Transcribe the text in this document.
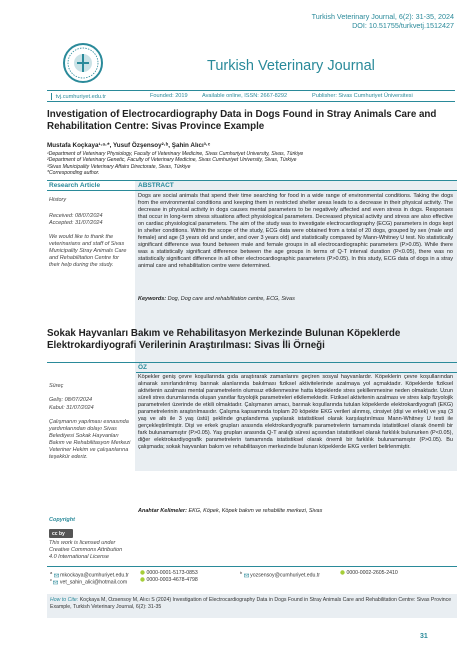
Turkish Veterinary Journal, 6(2): 31-35, 2024
DOI: 10.51755/turkvetj.1512427
Turkish Veterinary Journal
tvj.cumhuriyet.edu.tr	Founded: 2019	Available online, ISSN: 2667-8292	Publisher: Sivas Cumhuriyet Üniversitesi
Investigation of Electrocardiography Data in Dogs Found in Stray Animals Care and Rehabilitation Centre: Sivas Province Example
Mustafa Koçkaya¹·ᵃ·*, Yusuf Özşensoy²·ᵇ, Şahin Alıcı³·ᶜ
¹Department of Veterinary Physiology, Faculty of Veterinary Medicine, Sivas Cumhuriyet University, Sivas, Türkiye
²Department of Veterinary Genetic, Faculty of Veterinary Medicine, Sivas Cumhuriyet University, Sivas, Türkiye
³Sivas Municipality Veterinary Affairs Directorate, Sivas, Türkiye
*Corresponding author.
Research Article	ABSTRACT
History
Received: 08/07/2024
Accepted: 31/07/2024
We would like to thank the veterinarians and staff of Sivas Municipality Stray Animals Care and Rehabilitation Centre for their help during the study.
Dogs are social animals that spend their time searching for food in a wide range of environmental conditions. Taking the dogs from the environmental conditions and keeping them in restricted shelter areas leads to a decrease in their physical activity. The decrease in physical activity in dogs causes mental parameters to be negatively affected and even stress in dogs. Responses that occur in long-term stress situations affect physiological parameters. Decreased physical activity and stress are also effective on cardiac physiological parameters. The aim of the study was to investigate electrocardiography (ECG) parameters in dogs kept in shelter conditions. Within the scope of the study, ECG data were obtained from a total of 20 dogs, grouped by sex (male and female) and age (3 years old and under, and over 3 years old) and statistically compared by Mann-Whitney U test. No statistically significant difference was found between male and female groups in all electrocardiographic parameters (P>0.05). While there was a statistically significant difference between the age groups in terms of Q-T interval duration (P<0.05), there was no statistically significant difference in all other electrocardiographic parameters (P>0.05). In this study, ECG data of dogs in a stray animal care and rehabilitation centre were determined.
Keywords: Dog, Dog care and rehabilitation centre, ECG, Sivas
Sokak Hayvanları Bakım ve Rehabilitasyon Merkezinde Bulunan Köpeklerde Elektrokardiyografi Verilerinin Araştırılması: Sivas İli Örneği
ÖZ
Süreç
Geliş: 08/07/2024
Kabul: 31/07/2024
Çalışmanın yapılması esnasında yardımlarından dolayı Sivas Belediyesi Sokak Hayvanları Bakım ve Rehabilitasyon Merkezi Veteriner Hekim ve çalışanlarına teşekkür ederiz.
Köpekler geniş çevre koşullarında gıda araştırarak zamanlarını geçiren sosyal hayvanlardır. Köpeklerin çevre koşullarından alınarak sınırlandırılmış barınak alanlarında bakılması fiziksel aktivitelerinde azalmaya yol açmaktadır. Köpeklerde fiziksel aktivitenin azalması mental parametrelerin olumsuz etkilenmesine hatta köpeklerde stres şekillenmesine neden olmaktadır. Uzun süreli stres durumlarında oluşan yanıtlar fizyolojik parametreleri etkilemektedir. Fiziksel aktivitenin azalması ve stres kalp fizyolojik parametreleri üzerinde de etkili olmaktadır. Çalışmanın amacı, barınak koşullarında tutulan köpeklerde elektrokardiyografi (EKG) parametrelerinin araştırılmasıdır. Çalışma kapsamında toplam 20 köpekte EKG verileri alınmış, cinsiyet (dişi ve erkek) ve yaş (3 yaş ve altı ile 3 yaş üstü) şeklinde gruplandırma yapılarak istatistiksel olarak karşılaştırılması Mann-Whitney U testi ile gerçekleştirilmiştir. Dişi ve erkek grupları arasında elektrokardiyografik parametrelerin tamamında istatistiksel olarak önemli bir fark bulunamamıştır (P>0.05). Yaş grupları arasında Q-T aralığı süresi açısından istatistiksel olarak farklılık bulunurken (P<0.05), diğer elektrokardiyografik parametrelerin tamamında istatistiksel olarak önemli bir farklılık bulunamamıştır (P>0.05). Bu çalışmada; sokak hayvanları bakım ve rehabilitasyon merkezinde bulunan köpeklerde EKG verileri belirlenmiştir.
Anahtar Kelimeler: EKG, Köpek, Köpek bakım ve rehabilite merkezi, Sivas
Copyright
cc by
This work is licensed under Creative Commons Attribution 4.0 International License
$^a$  mkockaya@cumhuriyet.edu.tr
$^c$  vet_sahin_alici@hotmail.com
0000-0001-5173-0853
0000-0003-4678-4798
$^b$  yozsensoy@cumhuriyet.edu.tr	0000-0002-2605-2410
How to Cite: Koçkaya M, Ozsensoy M, Alıcı S (2024) Investigation of Electrocardiography Data in Dogs Found in Stray Animals Care and Rehabilitation Centre: Sivas Province Example, Turkish Veterinary Journal, 6(2): 31-35
31
